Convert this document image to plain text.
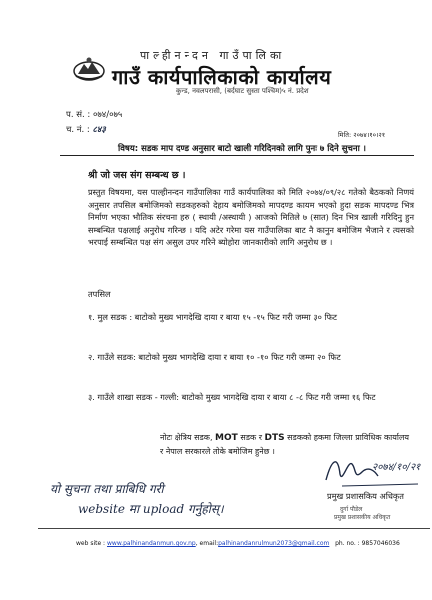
पाल्हीनन्दन गाउँपालिका
गाउँ कार्यपालिकाको कार्यालय
कुन्ड, नवलपरासी, (बर्दघाट सुस्ता पश्चिम)५ नं. प्रदेश
प. सं. : ०७४/०७५
च. नं. : ८४३	मिति: २०७४।१०।२१
विषय: सडक माप दण्ड अनुसार बाटो खाली गरिदिनको लागि पुनः ७ दिने सुचना ।
श्री जो जस संग सम्बन्ध छ ।
प्रस्तुत विषयमा, यस पाल्हीनन्दन गाउँपालिका गाउँ कार्यपालिका को मिति २०७४/०९/२८ गतेको बैठकको निणयं अनुसार तपसिल बमोजिमको सडकहरुको देहाय बमोजिमको मापदण्ड कायम भएको हुदा सडक मापदण्ड भित्र निर्माण भएका भौतिक संरचना हरु ( स्थायी /अस्थायी ) आजको मितिले ७ (सात) दिन भित्र खाली गरिदिनु हुन सम्बन्धित पक्षलाई अनुरोध गरिन्छ । यदि अटेर गरेमा यस गाउँपालिका बाट नै कानुन बमोजिम भैजाने र त्यसको भरपाई सम्बन्धित पक्ष संग असुल उपर गरिने ब्योहोरा जानकारीको लागि अनुरोध छ ।
तपसिल
१. मुल सडक : बाटोको मुख्य भागदेखि दाया र बाया १५ -१५ फिट गरी जम्मा ३० फिट
२. गाउँले सडक: बाटोको मुख्य भागदेखि दाया र बाया १० -१० फिट गरी जम्मा २० फिट
३. गाउँले शाखा सडक - गल्ली: बाटोको मुख्य भागदेखि दाया र बाया ८ -८ फिट गरी जम्मा १६ फिट
नोटः क्षेत्रिय सडक, MOT सडक र DTS सडकको हकमा जिल्ला प्राविधिक कार्यालय र नेपाल सरकारले तोके बमोजिम हुनेछ ।
२०७४/१०/२१
प्रमुख प्रशासकिय अधिकृत
दुर्गा पौडेल
प्रमुख प्रशासकीय अधिकृत
यो सुचना तथा प्राबिधि गरी
website मा upload गर्नुहोस्।
web site : www.palhinandanmun.gov.np, email:palhinandanrulmun2073@gmail.com ph. no. : 9857046036
